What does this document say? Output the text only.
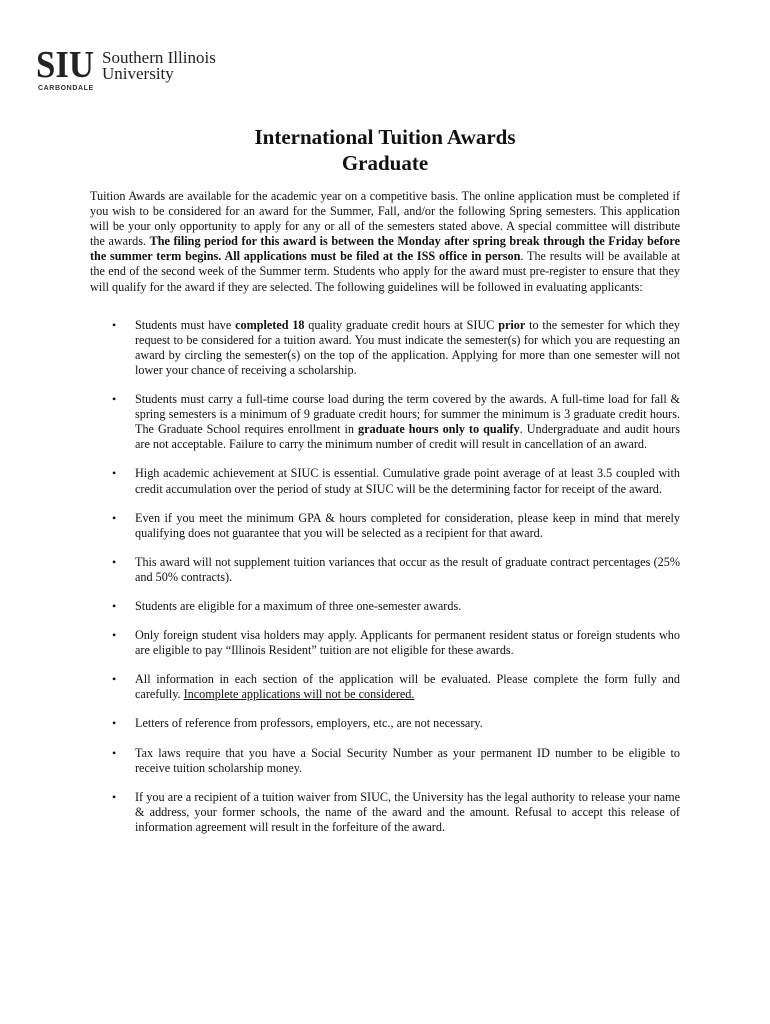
SIU Southern Illinois
University
CARBONDALE
International Tuition Awards
Graduate

Tuition Awards are available for the academic year on a competitive basis. The online application must be completed if you wish to be considered for an award for the Summer, Fall, and/or the following Spring semesters. This application will be your only opportunity to apply for any or all of the semesters stated above. A special committee will distribute the awards. The filing period for this award is between the Monday after spring break through the Friday before the summer term begins. All applications must be filed at the ISS office in person. The results will be available at the end of the second week of the Summer term. Students who apply for the award must pre-register to ensure that they will qualify for the award if they are selected. The following guidelines will be followed in evaluating applicants:

• Students must have completed 18 quality graduate credit hours at SIUC prior to the semester for which they request to be considered for a tuition award. You must indicate the semester(s) for which you are requesting an award by circling the semester(s) on the top of the application. Applying for more than one semester will not lower your chance of receiving a scholarship.
• Students must carry a full-time course load during the term covered by the awards. A full-time load for fall & spring semesters is a minimum of 9 graduate credit hours; for summer the minimum is 3 graduate credit hours. The Graduate School requires enrollment in graduate hours only to qualify. Undergraduate and audit hours are not acceptable. Failure to carry the minimum number of credit will result in cancellation of an award.
• High academic achievement at SIUC is essential. Cumulative grade point average of at least 3.5 coupled with credit accumulation over the period of study at SIUC will be the determining factor for receipt of the award.
• Even if you meet the minimum GPA & hours completed for consideration, please keep in mind that merely qualifying does not guarantee that you will be selected as a recipient for that award.
• This award will not supplement tuition variances that occur as the result of graduate contract percentages (25% and 50% contracts).
• Students are eligible for a maximum of three one-semester awards.
• Only foreign student visa holders may apply. Applicants for permanent resident status or foreign students who are eligible to pay “Illinois Resident” tuition are not eligible for these awards.
• All information in each section of the application will be evaluated. Please complete the form fully and carefully. Incomplete applications will not be considered.
• Letters of reference from professors, employers, etc., are not necessary.
• Tax laws require that you have a Social Security Number as your permanent ID number to be eligible to receive tuition scholarship money.
• If you are a recipient of a tuition waiver from SIUC, the University has the legal authority to release your name & address, your former schools, the name of the award and the amount. Refusal to accept this release of information agreement will result in the forfeiture of the award.
